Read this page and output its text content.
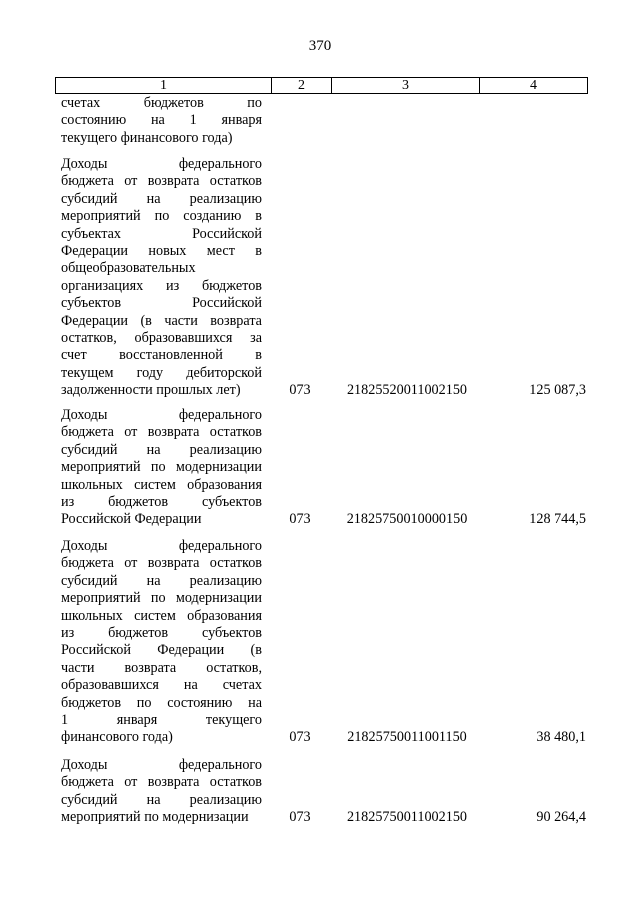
370
1	2	3	4
счетах бюджетов по
состоянию на 1 января
текущего финансового года)
Доходы федерального
бюджета от возврата остатков
субсидий на реализацию
мероприятий по созданию в
субъектах Российской
Федерации новых мест в
общеобразовательных
организациях из бюджетов
субъектов Российской
Федерации (в части возврата
остатков, образовавшихся за
счет восстановленной в
текущем году дебиторской
задолженности прошлых лет)	073	21825520011002150	125 087,3
Доходы федерального
бюджета от возврата остатков
субсидий на реализацию
мероприятий по модернизации
школьных систем образования
из бюджетов субъектов
Российской Федерации	073	21825750010000150	128 744,5
Доходы федерального
бюджета от возврата остатков
субсидий на реализацию
мероприятий по модернизации
школьных систем образования
из бюджетов субъектов
Российской Федерации (в
части возврата остатков,
образовавшихся на счетах
бюджетов по состоянию на
1 января текущего
финансового года)	073	21825750011001150	38 480,1
Доходы федерального
бюджета от возврата остатков
субсидий на реализацию
мероприятий по модернизации	073	21825750011002150	90 264,4
